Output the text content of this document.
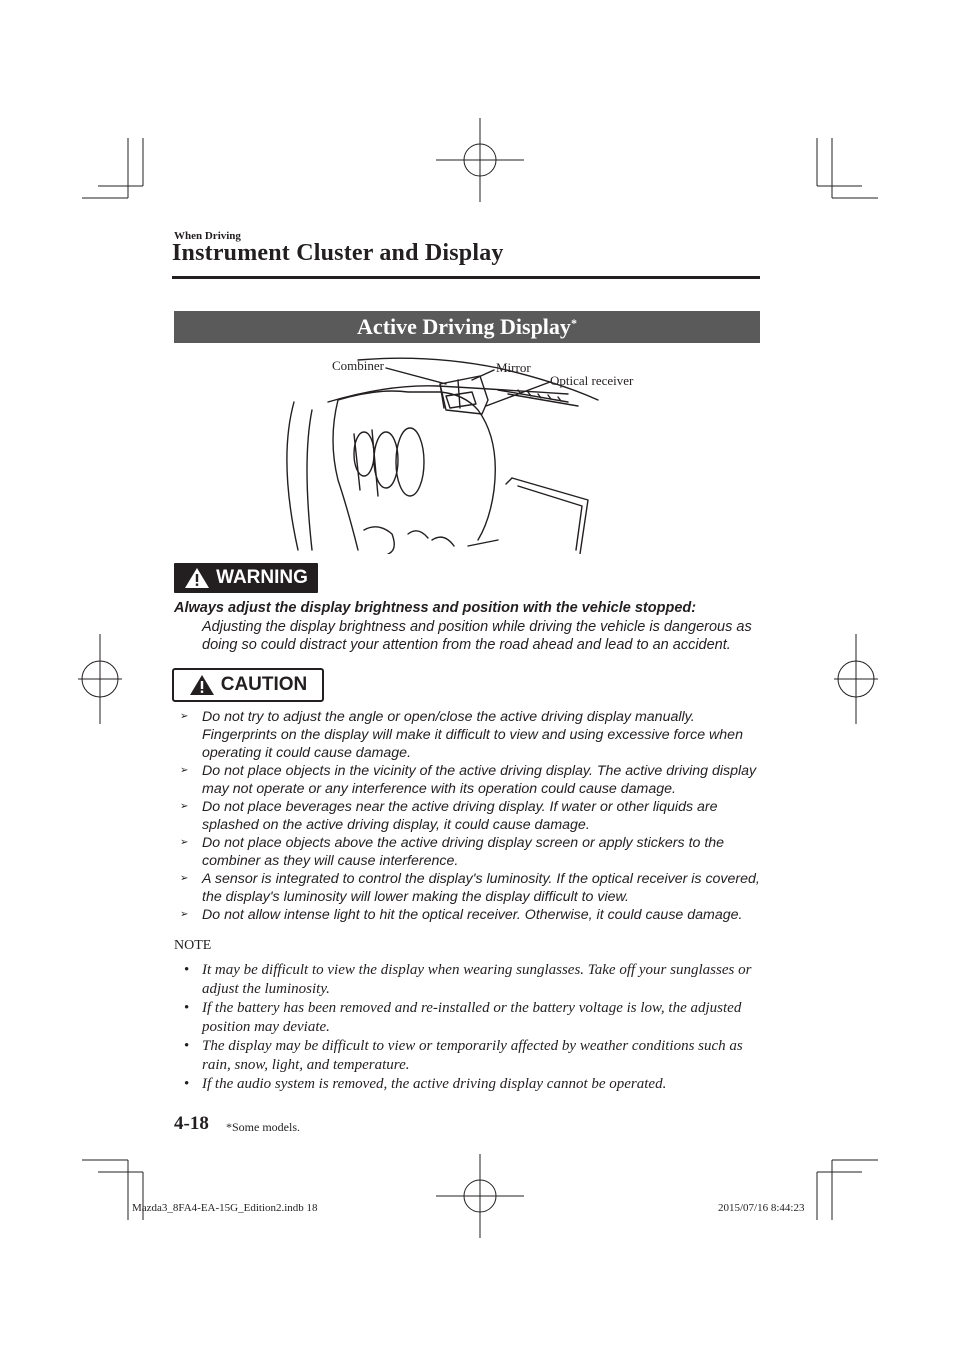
When Driving
Instrument Cluster and Display
Active Driving Display*
Combiner	Mirror
Optical receiver
WARNING
Always adjust the display brightness and position with the vehicle stopped:
Adjusting the display brightness and position while driving the vehicle is dangerous as doing so could distract your attention from the road ahead and lead to an accident.
CAUTION
➢ Do not try to adjust the angle or open/close the active driving display manually. Fingerprints on the display will make it difficult to view and using excessive force when operating it could cause damage.
➢ Do not place objects in the vicinity of the active driving display. The active driving display may not operate or any interference with its operation could cause damage.
➢ Do not place beverages near the active driving display. If water or other liquids are splashed on the active driving display, it could cause damage.
➢ Do not place objects above the active driving display screen or apply stickers to the combiner as they will cause interference.
➢ A sensor is integrated to control the display's luminosity. If the optical receiver is covered, the display's luminosity will lower making the display difficult to view.
➢ Do not allow intense light to hit the optical receiver. Otherwise, it could cause damage.
NOTE
• It may be difficult to view the display when wearing sunglasses. Take off your sunglasses or adjust the luminosity.
• If the battery has been removed and re-installed or the battery voltage is low, the adjusted position may deviate.
• The display may be difficult to view or temporarily affected by weather conditions such as rain, snow, light, and temperature.
• If the audio system is removed, the active driving display cannot be operated.
4-18 *Some models.
Mazda3_8FA4-EA-15G_Edition2.indb 18	2015/07/16 8:44:23
